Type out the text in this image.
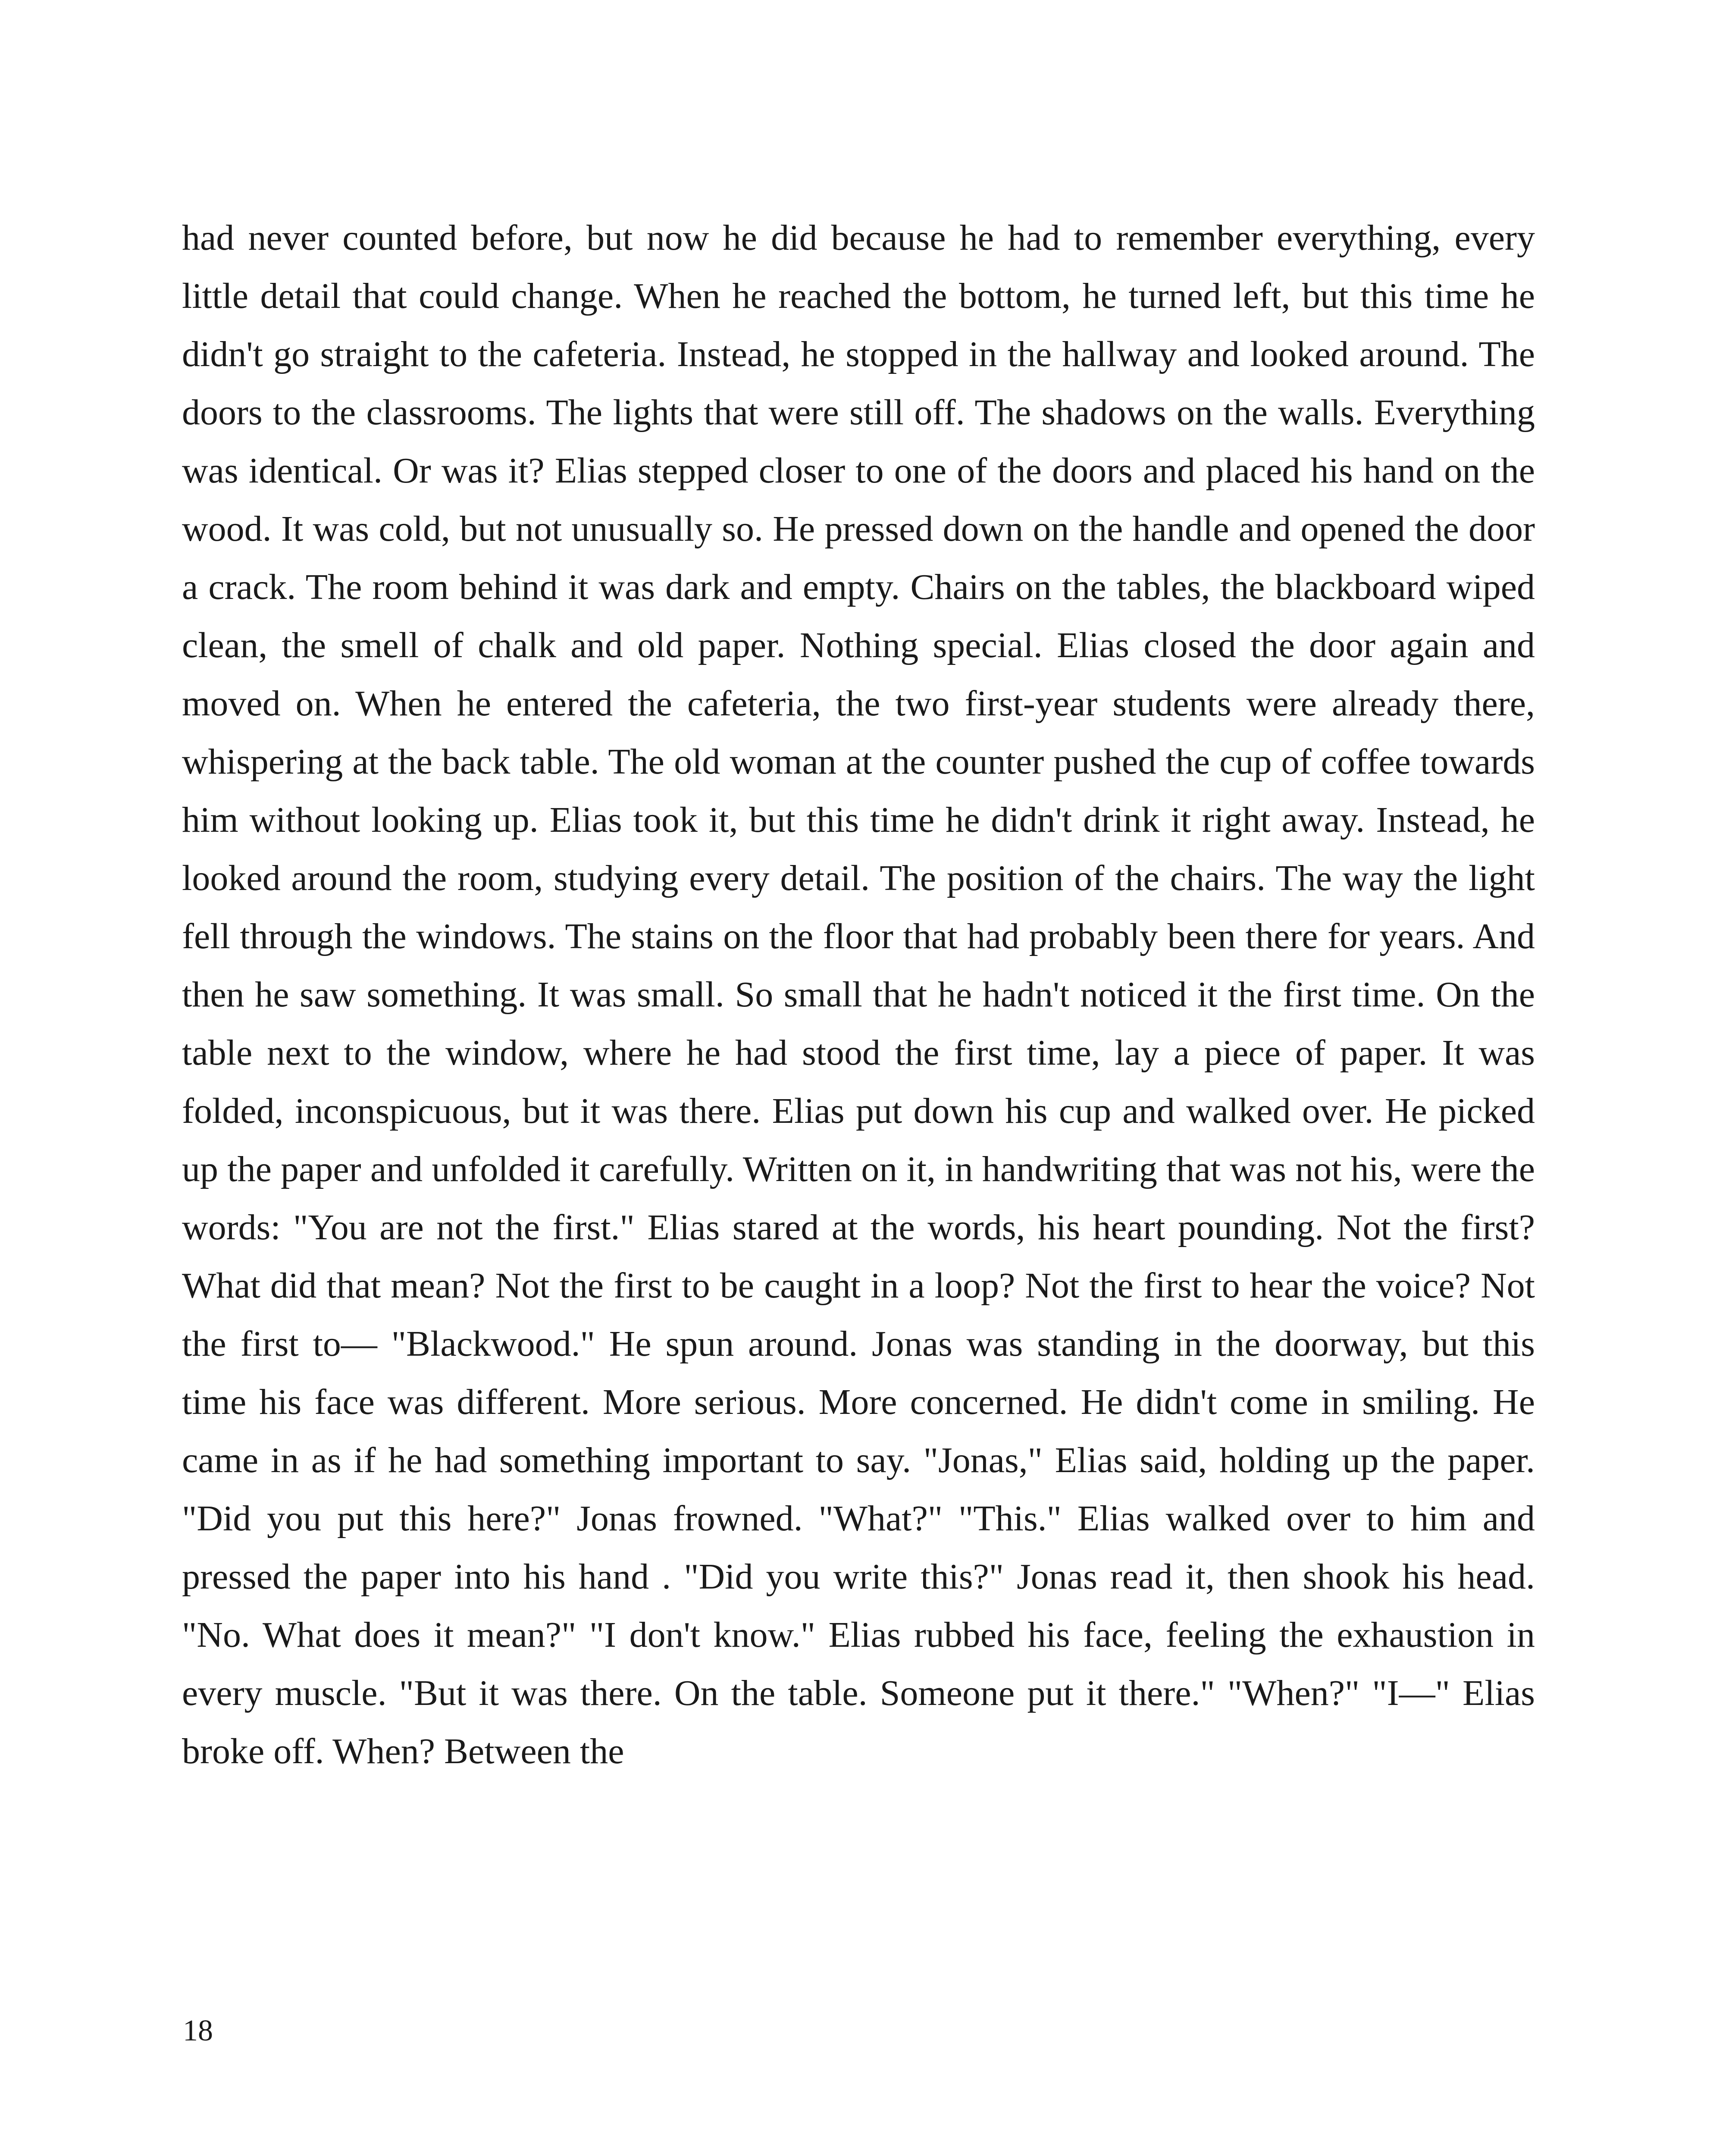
had never counted before, but now he did because he had to remember everything, every little detail that could change. When he reached the bottom, he turned left, but this time he didn't go straight to the cafeteria. Instead, he stopped in the hallway and looked around. The doors to the classrooms. The lights that were still off. The shadows on the walls. Everything was identical. Or was it? Elias stepped closer to one of the doors and placed his hand on the wood. It was cold, but not unusually so. He pressed down on the handle and opened the door a crack. The room behind it was dark and empty. Chairs on the tables, the blackboard wiped clean, the smell of chalk and old paper. Nothing special. Elias closed the door again and moved on. When he entered the cafeteria, the two first-year students were already there, whispering at the back table. The old woman at the counter pushed the cup of coffee towards him without looking up. Elias took it, but this time he didn't drink it right away. Instead, he looked around the room, studying every detail. The position of the chairs. The way the light fell through the windows. The stains on the floor that had probably been there for years. And then he saw something. It was small. So small that he hadn't noticed it the first time. On the table next to the window, where he had stood the first time, lay a piece of paper. It was folded, inconspicuous, but it was there. Elias put down his cup and walked over. He picked up the paper and unfolded it carefully. Written on it, in handwriting that was not his, were the words: "You are not the first." Elias stared at the words, his heart pounding. Not the first? What did that mean? Not the first to be caught in a loop? Not the first to hear the voice? Not the first to— "Blackwood." He spun around. Jonas was standing in the doorway, but this time his face was different. More serious. More concerned. He didn't come in smiling. He came in as if he had something important to say. "Jonas," Elias said, holding up the paper. "Did you put this here?" Jonas frowned. "What?" "This." Elias walked over to him and pressed the paper into his hand . "Did you write this?" Jonas read it, then shook his head. "No. What does it mean?" "I don't know." Elias rubbed his face, feeling the exhaustion in every muscle. "But it was there. On the table. Someone put it there." "When?" "I—" Elias broke off. When? Between the

18
